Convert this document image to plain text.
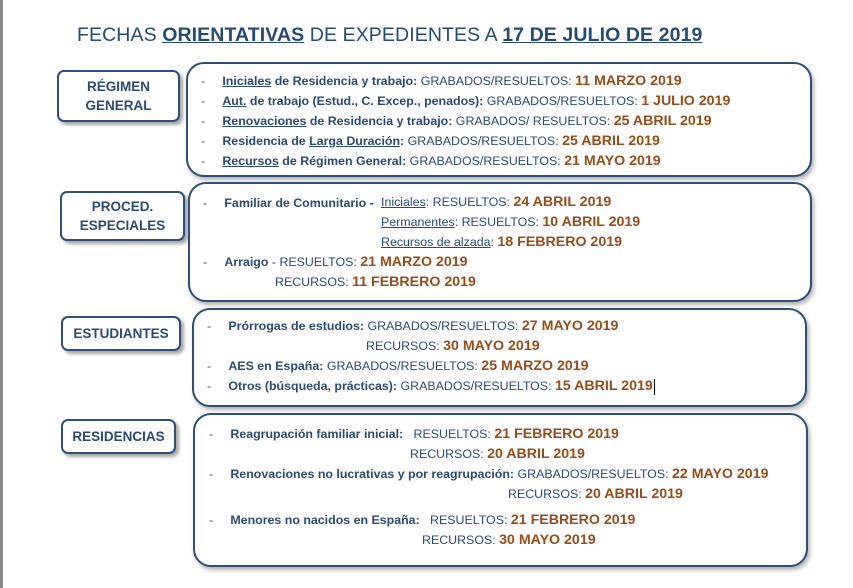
FECHAS ORIENTATIVAS DE EXPEDIENTES A 17 DE JULIO DE 2019
RÉGIMEN
GENERAL
- Iniciales de Residencia y trabajo: GRABADOS/RESUELTOS: 11 MARZO 2019
- Aut. de trabajo (Estud., C. Excep., penados): GRABADOS/RESUELTOS: 1 JULIO 2019
- Renovaciones de Residencia y trabajo: GRABADOS/ RESUELTOS: 25 ABRIL 2019
- Residencia de Larga Duración: GRABADOS/RESUELTOS: 25 ABRIL 2019
- Recursos de Régimen General: GRABADOS/RESUELTOS: 21 MAYO 2019
PROCED.
ESPECIALES
- Familiar de Comunitario - Iniciales: RESUELTOS: 24 ABRIL 2019
Permanentes: RESUELTOS: 10 ABRIL 2019
Recursos de alzada: 18 FEBRERO 2019
- Arraigo - RESUELTOS: 21 MARZO 2019
RECURSOS: 11 FEBRERO 2019
ESTUDIANTES	- Prórrogas de estudios: GRABADOS/RESUELTOS: 27 MAYO 2019
RECURSOS: 30 MAYO 2019
- AES en España: GRABADOS/RESUELTOS: 25 MARZO 2019
- Otros (búsqueda, prácticas): GRABADOS/RESUELTOS: 15 ABRIL 2019
RESIDENCIAS	- Reagrupación familiar inicial:   RESUELTOS: 21 FEBRERO 2019
RECURSOS: 20 ABRIL 2019
- Renovaciones no lucrativas y por reagrupación: GRABADOS/RESUELTOS: 22 MAYO 2019
RECURSOS: 20 ABRIL 2019
- Menores no nacidos en España:   RESUELTOS: 21 FEBRERO 2019
RECURSOS: 30 MAYO 2019
